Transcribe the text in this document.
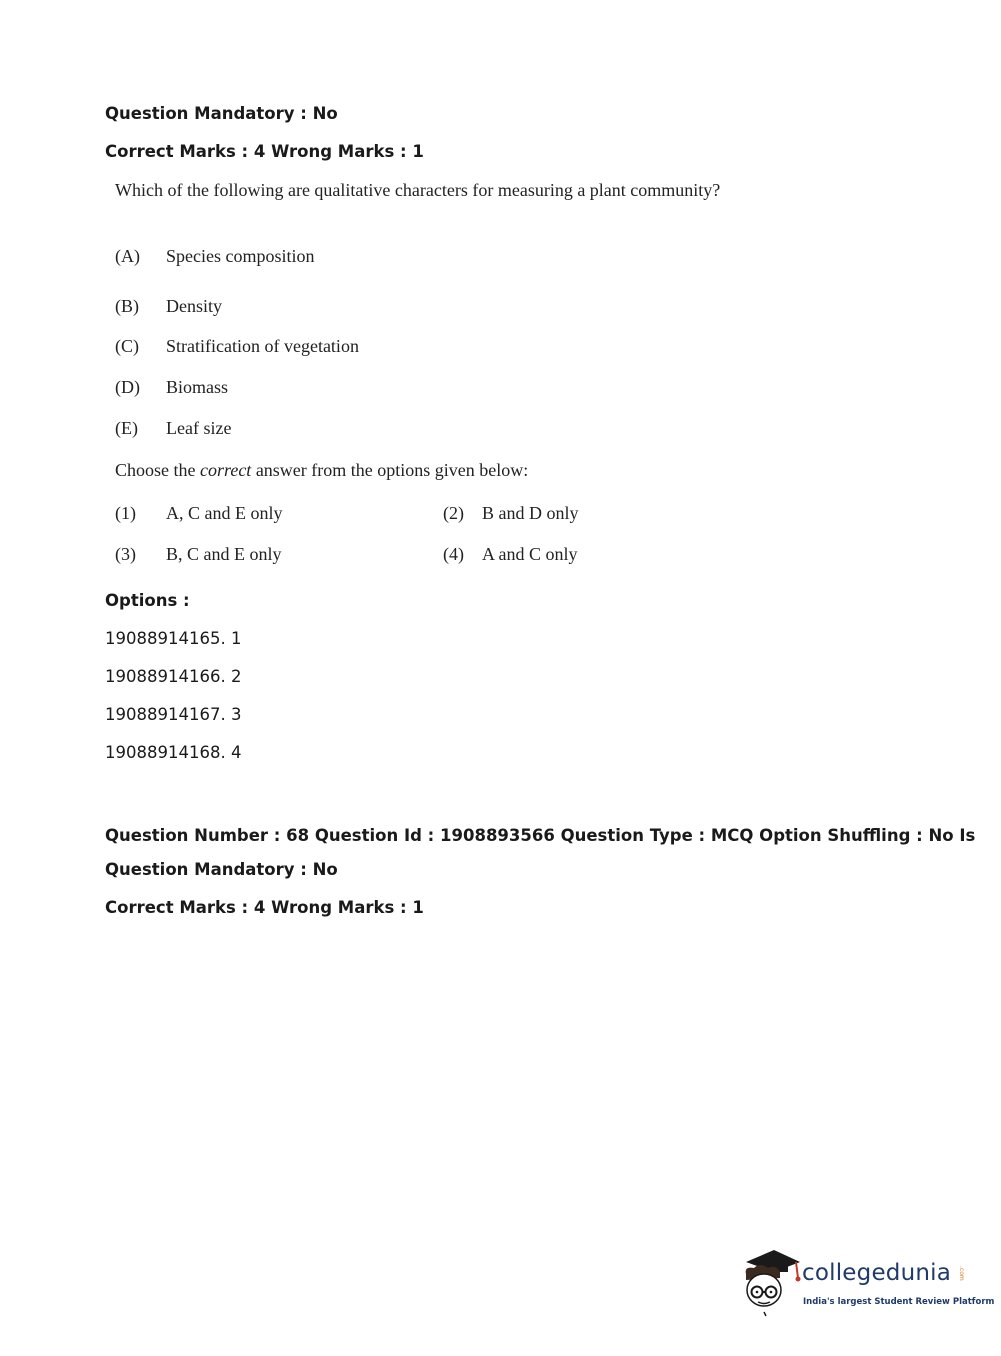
Question Mandatory : No
Correct Marks : 4 Wrong Marks : 1
Which of the following are qualitative characters for measuring a plant community?
(A) Species composition
(B) Density
(C) Stratification of vegetation
(D) Biomass
(E) Leaf size
Choose the correct answer from the options given below:
(1) A, C and E only	(2) B and D only
(3) B, C and E only	(4) A and C only
Options :
19088914165. 1
19088914166. 2
19088914167. 3
19088914168. 4
Question Number : 68 Question Id : 1908893566 Question Type : MCQ Option Shuffling : No Is
Question Mandatory : No
Correct Marks : 4 Wrong Marks : 1
collegedunia .com
India's largest Student Review Platform
